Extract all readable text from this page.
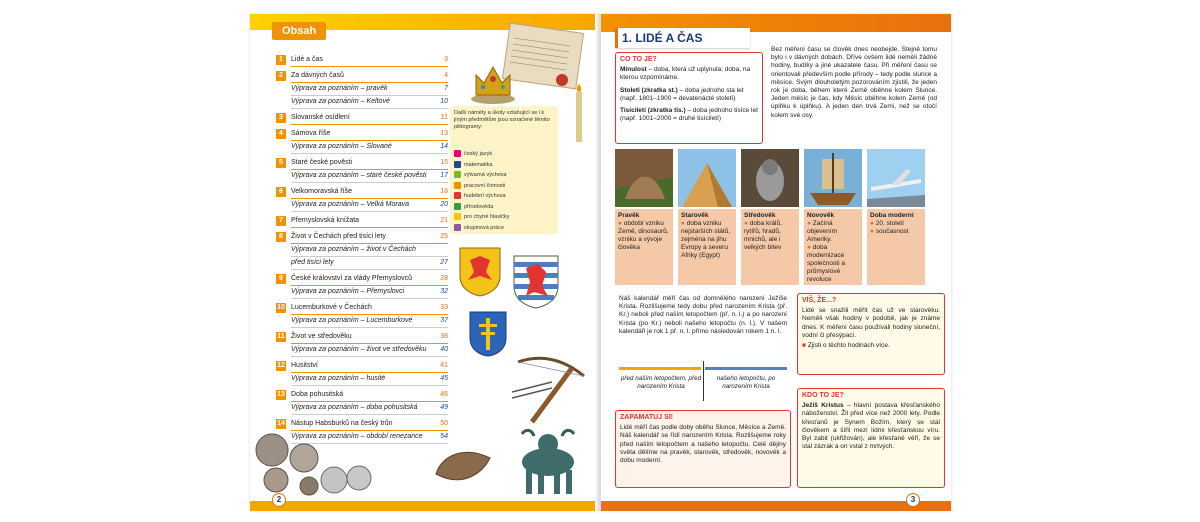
Obsah
1	Lidé a čas	3
2	Za dávných časů	4
Výprava za poznáním – pravěk	7
Výprava za poznáním – Keltové	10
3	Slovanské osídlení	11
4	Sámova říše	13
Výprava za poznáním – Slované	14
5	Staré české pověsti	15
Výprava za poznáním – staré české pověsti 17
6	Velkomoravská říše	18
Výprava za poznáním – Velká Morava	20
7	Přemyslovská knížata	21
8	Život v Čechách před tisíci lety	25
Výprava za poznáním – život v Čechách
před tisíci lety	27
9	České království za vlády Přemyslovců	28
Výprava za poznáním – Přemyslovci	32
10 Lucemburkové v Čechách	33
Výprava za poznáním – Lucemburkové	37
11 Život ve středověku	38
Výprava za poznáním – život ve středověku 40
12 Husitství	41
Výprava za poznáním – husité	45
13 Doba pohusitská	46
Výprava za poznáním – doba pohusitská	49
14 Nástup Habsburků na český trůn	50
Výprava za poznáním – období renezance	54
Další náměty a úkoly vztahující se i k jiným předmětům jsou označené těmito piktogramy:
český jazyk
matematika
výtvarná výchova
pracovní činnosti
hudební výchova
přírodověda
pro chytré hlavičky
skupinová práce
2
1. LIDÉ A ČAS
CO TO JE?
Minulost – doba, která už uplynula; doba, na kterou vzpomínáme.
Století (zkratka st.) – doba jednoho sta let (např. 1801–1900 = devatenácté století)
Tisíciletí (zkratka tis.) – doba jednoho tisíce let (např. 1001–2000 = druhé tisíciletí)
Bez měření času se člověk dnes neobejde. Stejně tomu bylo i v dávných dobách. Dříve ovšem lidé neměli žádné hodiny, budíky a jiné ukazatele času. Při měření času se orientovali především podle přírody – tedy podle slunce a měsíce. Svým dlouholetým pozorováním zjistili, že jeden rok je doba, během které Země oběhne kolem Slunce. Jeden měsíc je čas, kdy Měsíc oběhne kolem Země (od úplňku k úplňku). A jeden den trvá Zemi, než se otočí kolem své osy.
Pravěk
● období vzniku Země, dinosaurů, vzniku a vývoje člověka
Starověk
● doba vzniku nejstarších států, zejména na jihu Evropy a severu Afriky (Egypt)
Středověk
● doba králů, rytířů, hradů, mnichů, ale i velkých bitev
Novověk
● Začíná objevením Ameriky.
● doba modernizace společnosti a průmyslové revoluce
Doba moderní
● 20. století
● současnost
Náš kalendář měří čas od domnělého narození Ježíše Krista. Rozlišujeme tedy dobu před narozením Krista (př. Kr.) neboli před naším letopočtem (př. n. l.) a po narození Krista (po Kr.) neboli našeho letopočtu (n. l.). V našem kalendáři je rok 1 př. n. l. přímo následován rokem 1 n. l.
před naším letopočtem, před narozením Krista
našeho letopočtu, po narozením Krista
VÍŠ, ŽE...?
Lidé se snažili měřit čas už ve starověku. Neměli však hodiny v podobě, jak je známe dnes. K měření času používali hodiny sluneční, vodní či přesýpací.
■ Zjisti o těchto hodinách více.
ZAPAMATUJ SI!
Lidé měří čas podle doby oběhu Slunce, Měsíce a Země. Náš kalendář se řídí narozením Krista. Rozlišujeme roky před naším letopočtem a našeho letopočtu. Celé dějiny světa dělíme na pravěk, starověk, středověk, novověk a dobu moderní.
KDO TO JE?
Ježíš Kristus – hlavní postava křesťanského náboženství. Žil před více než 2000 lety. Podle křesťanů je Synem Božím, který se stal člověkem a šířil mezi lidmi křesťanskou víru. Byl zabit (ukřižován), ale křesťané věří, že se stal zázrak a on vstal z mrtvých.
3
